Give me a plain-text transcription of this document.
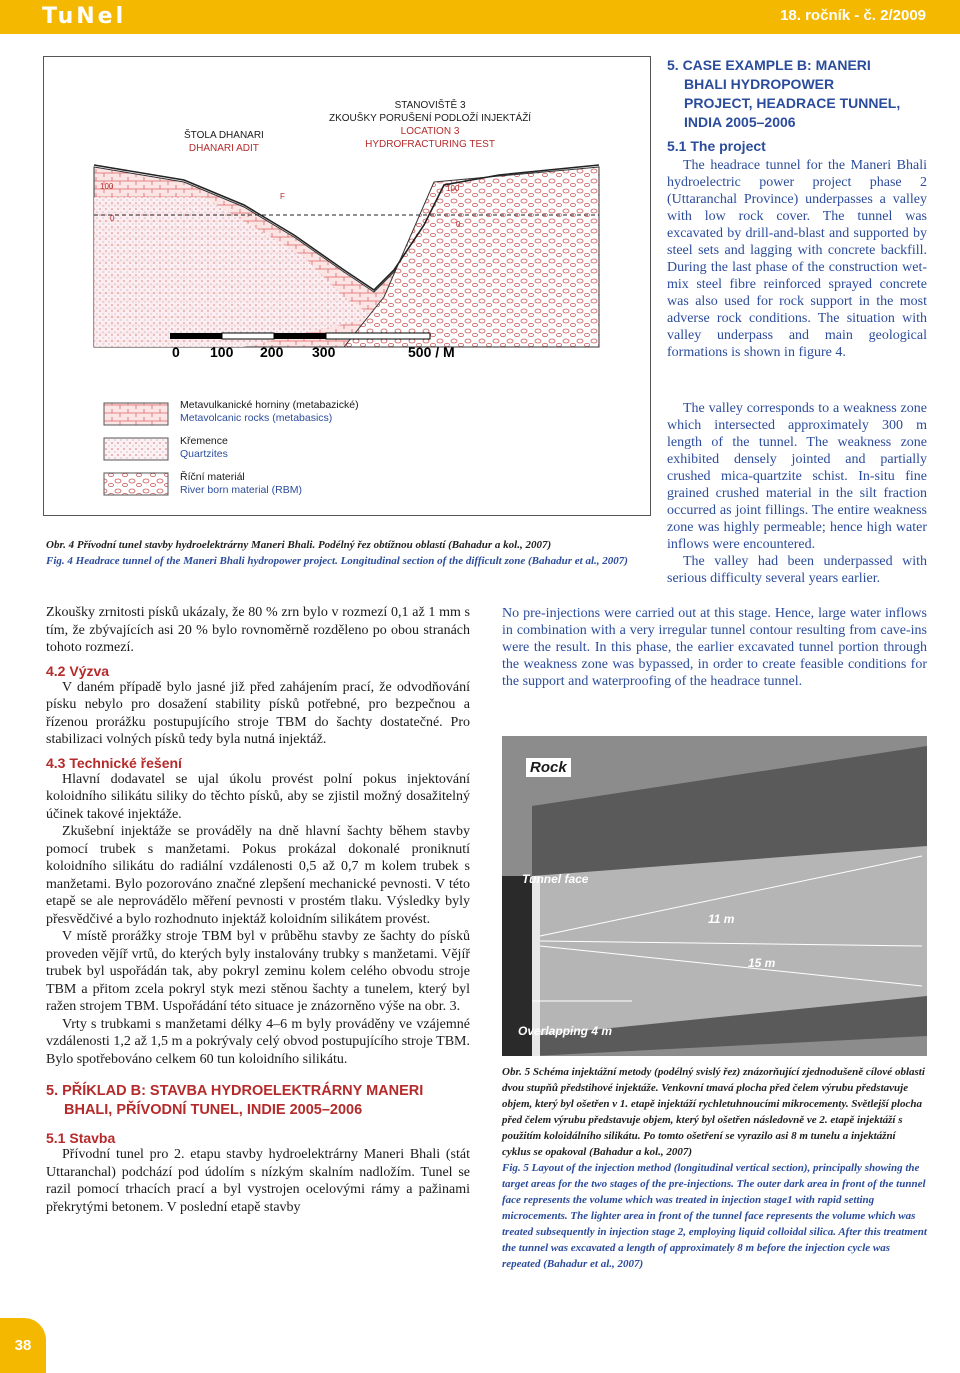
TuNel	18. ročník - č. 2/2009
0 100 200 300	500 / M
100
0
100
0
F
ŠTOLA DHANARI
DHANARI ADIT
STANOVIŠTĚ 3
ZKOUŠKY PORUŠENÍ PODLOŽÍ INJEKTÁŽÍ
LOCATION 3
HYDROFRACTURING TEST
Metavulkanické horniny (metabazické)
Metavolcanic rocks (metabasics)
Křemence
Quartzites
Říční materiál
River born material (RBM)
Obr. 4 Přívodní tunel stavby hydroelektrárny Maneri Bhali. Podélný řez obtížnou oblastí (Bahadur a kol., 2007)
Fig. 4 Headrace tunnel of the Maneri Bhali hydropower project. Longitudinal section of the difficult zone (Bahadur et al., 2007)
5. CASE EXAMPLE B: MANERI
BHALI HYDROPOWER
PROJECT, HEADRACE TUNNEL,
INDIA 2005–2006
5.1 The project

The headrace tunnel for the Maneri Bhali hydroelectric power project phase 2 (Uttaranchal Province) underpasses a valley with low rock cover. The tunnel was excavated by drill-and-blast and supported by steel sets and lagging with concrete backfill. During the last phase of the construction wet-mix steel fibre reinforced sprayed concrete was also used for rock support in the most adverse rock conditions. The situation with valley underpass and main geological formations is shown in figure 4.

The valley corresponds to a weakness zone which intersected approximately 300 m length of the tunnel. The weakness zone exhibited densely jointed and partially crushed mica-quartzite schist. In-situ fine grained crushed material in the silt fraction occurred as joint fillings. The entire weakness zone was highly permeable; hence high water inflows were encountered.

The valley had been underpassed with serious difficulty several years earlier.

No pre-injections were carried out at this stage. Hence, large water inflows in combination with a very irregular tunnel contour resulting from cave-ins were the result. In this phase, the earlier excavated tunnel portion through the weakness zone was bypassed, in order to create feasible conditions for the support and waterproofing of the headrace tunnel.

Zkoušky zrnitosti písků ukázaly, že 80 % zrn bylo v rozmezí 0,1 až 1 mm s tím, že zbývajících asi 20 % bylo rovnoměrně rozděleno po obou stranách tohoto rozmezí.

4.2 Výzva

V daném případě bylo jasné již před zahájením prací, že odvodňování písku nebylo pro dosažení stability písků potřebné, pro bezpečnou a řízenou prorážku postupujícího stroje TBM do šachty dostatečné. Pro stabilizaci volných písků tedy byla nutná injektáž.

4.3 Technické řešení

Hlavní dodavatel se ujal úkolu provést polní pokus injektování koloidního silikátu siliky do těchto písků, aby se zjistil možný dosažitelný účinek takové injektáže.

Zkušební injektáže se prováděly na dně hlavní šachty během stavby pomocí trubek s manžetami. Pokus prokázal dokonalé proniknutí koloidního silikátu do radiální vzdálenosti 0,5 až 0,7 m kolem trubek s manžetami. Bylo pozorováno značné zlepšení mechanické pevnosti. V této etapě se ale neprovádělo měření pevnosti v prostém tlaku. Výsledky byly přesvědčivé a bylo rozhodnuto injektáž koloidním silikátem provést.

V místě prorážky stroje TBM byl v průběhu stavby ze šachty do písků proveden vějíř vrtů, do kterých byly instalovány trubky s manžetami. Vějíř trubek byl uspořádán tak, aby pokryl zeminu kolem celého obvodu stroje TBM a přitom zcela pokryl styk mezi stěnou šachty a tunelem, který byl ražen strojem TBM. Uspořádání této situace je znázorněno výše na obr. 3.

Vrty s trubkami s manžetami délky 4–6 m byly prováděny ve vzájemné vzdálenosti 1,2 až 1,5 m a pokrývaly celý obvod postupujícího stroje TBM. Bylo spotřebováno celkem 60 tun koloidního silikátu.

5. PŘÍKLAD B: STAVBA HYDROELEKTRÁRNY MANERI
BHALI, PŘÍVODNÍ TUNEL, INDIE 2005–2006
5.1 Stavba

Přívodní tunel pro 2. etapu stavby hydroelektrárny Maneri Bhali (stát Uttaranchal) podchází pod údolím s nízkým skalním nadložím. Tunel se razil pomocí trhacích prací a byl vystrojen ocelovými rámy a pažinami překrytými betonem. V poslední etapě stavby

Rock
Tunnel face
11 m
15 m
Overlapping 4 m
Obr. 5 Schéma injektážní metody (podélný svislý řez) znázorňující zjednodušeně cílové oblasti dvou stupňů předstihové injektáže. Venkovní tmavá plocha před čelem výrubu představuje objem, který byl ošetřen v 1. etapě injektáží rychletuhnoucími mikrocementy. Světlejší plocha před čelem výrubu představuje objem, který byl ošetřen následovně ve 2. etapě injektáží s použitím koloidálního silikátu. Po tomto ošetření se vyrazilo asi 8 m tunelu a injektážní cyklus se opakoval (Bahadur a kol., 2007)
Fig. 5 Layout of the injection method (longitudinal vertical section), principally showing the target areas for the two stages of the pre-injections. The outer dark area in front of the tunnel face represents the volume which was treated in injection stage1 with rapid setting microcements. The lighter area in front of the tunnel face represents the volume which was treated subsequently in injection stage 2, employing liquid colloidal silica. After this treatment the tunnel was excavated a length of approximately 8 m before the injection cycle was repeated (Bahadur et al., 2007)
38
